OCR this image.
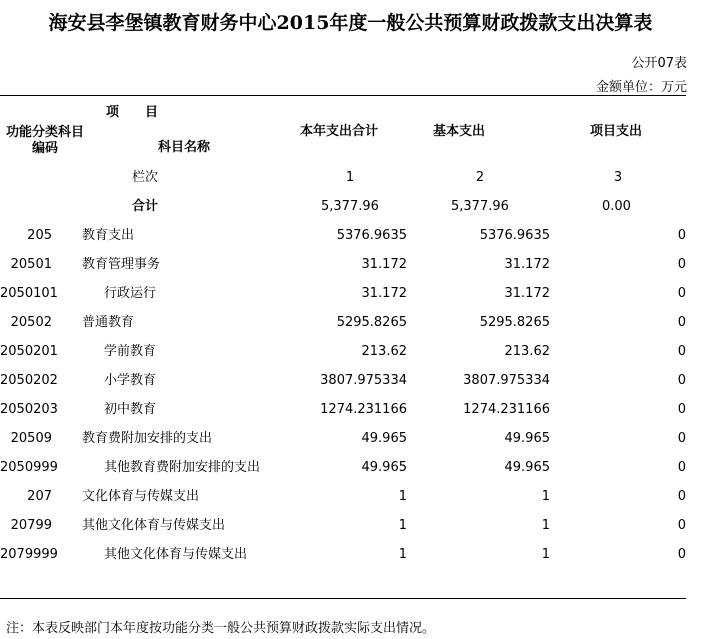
海安县李堡镇教育财务中心2015年度一般公共预算财政拨款支出决算表
公开07表
金额单位：万元
项　　目
功能分类科目编码	科目名称
本年支出合计	基本支出	项目支出
栏次	1	2	3
合计	5,377.96	5,377.96	0.00
205 教育支出	5376.9635	5376.9635	0
20501 教育管理事务	31.172	31.172	0
2050101	行政运行	31.172	31.172	0
20502 普通教育	5295.8265	5295.8265	0
2050201	学前教育	213.62	213.62	0
2050202	小学教育	3807.975334	3807.975334	0
2050203	初中教育	1274.231166	1274.231166	0
20509 教育费附加安排的支出	49.965	49.965	0
2050999	其他教育费附加安排的支出	49.965	49.965	0
207 文化体育与传媒支出	1	1	0
20799 其他文化体育与传媒支出	1	1	0
2079999	其他文化体育与传媒支出	1	1	0
注：本表反映部门本年度按功能分类一般公共预算财政拨款实际支出情况。
